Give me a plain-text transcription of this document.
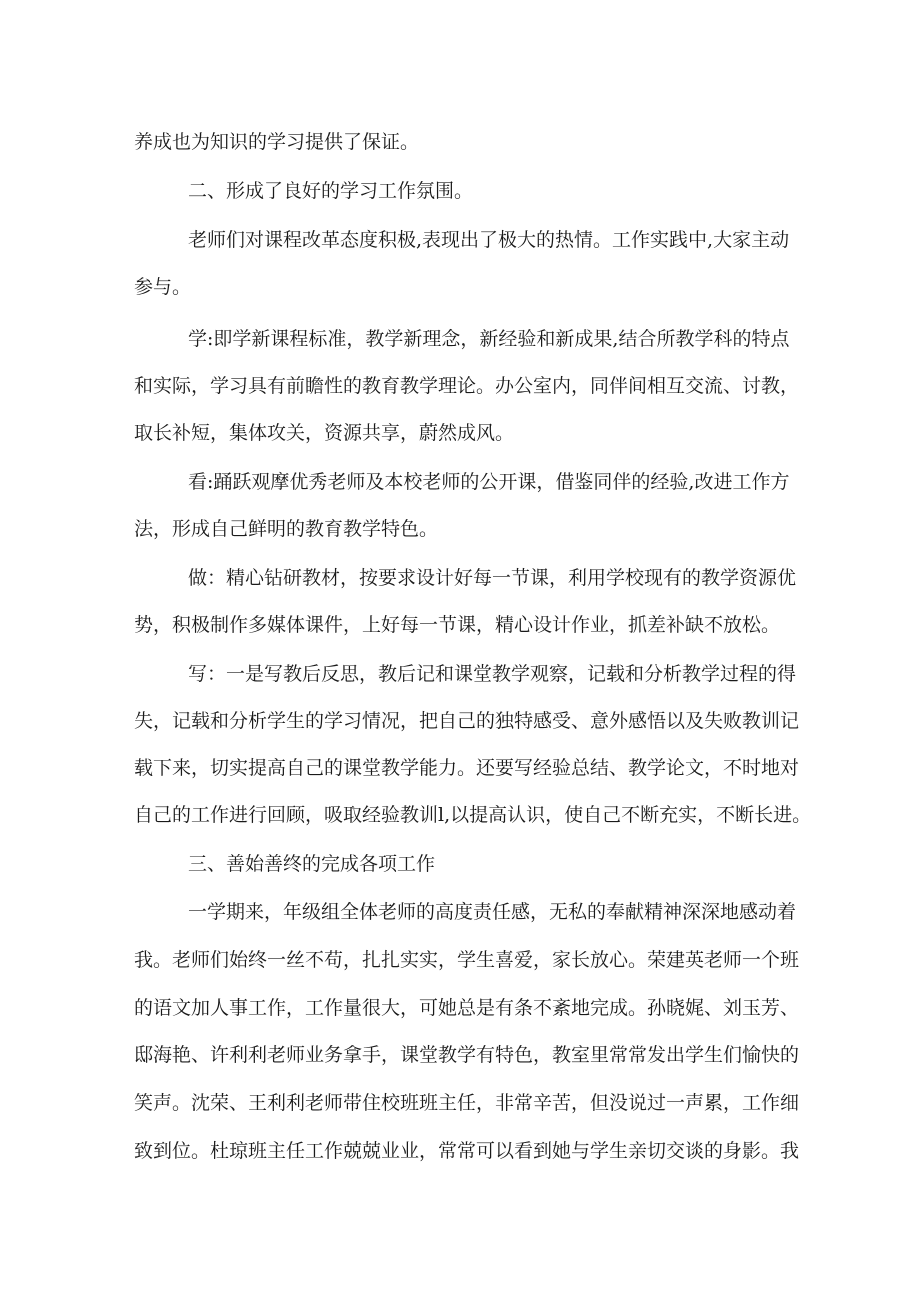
养成也为知识的学习提供了保证。
二、形成了良好的学习工作氛围。
老师们对课程改革态度积极,表现出了极大的热情。工作实践中,大家主动
参与。
学:即学新课程标准，教学新理念，新经验和新成果,结合所教学科的特点
和实际，学习具有前瞻性的教育教学理论。办公室内，同伴间相互交流、讨教，
取长补短，集体攻关，资源共享，蔚然成风。
看:踊跃观摩优秀老师及本校老师的公开课，借鉴同伴的经验,改进工作方
法，形成自己鲜明的教育教学特色。
做：精心钻研教材，按要求设计好每一节课，利用学校现有的教学资源优
势，积极制作多媒体课件，上好每一节课，精心设计作业，抓差补缺不放松。
写：一是写教后反思，教后记和课堂教学观察，记载和分析教学过程的得
失，记载和分析学生的学习情况，把自己的独特感受、意外感悟以及失败教训记
载下来，切实提高自己的课堂教学能力。还要写经验总结、教学论文，不时地对
自己的工作进行回顾，吸取经验教训l,以提高认识，使自己不断充实，不断长进。
三、善始善终的完成各项工作
一学期来，年级组全体老师的高度责任感，无私的奉献精神深深地感动着
我。老师们始终一丝不苟，扎扎实实，学生喜爱，家长放心。荣建英老师一个班
的语文加人事工作，工作量很大，可她总是有条不紊地完成。孙晓娓、刘玉芳、
邸海艳、许利利老师业务拿手，课堂教学有特色，教室里常常发出学生们愉快的
笑声。沈荣、王利利老师带住校班班主任，非常辛苦，但没说过一声累，工作细
致到位。杜琼班主任工作兢兢业业，常常可以看到她与学生亲切交谈的身影。我
